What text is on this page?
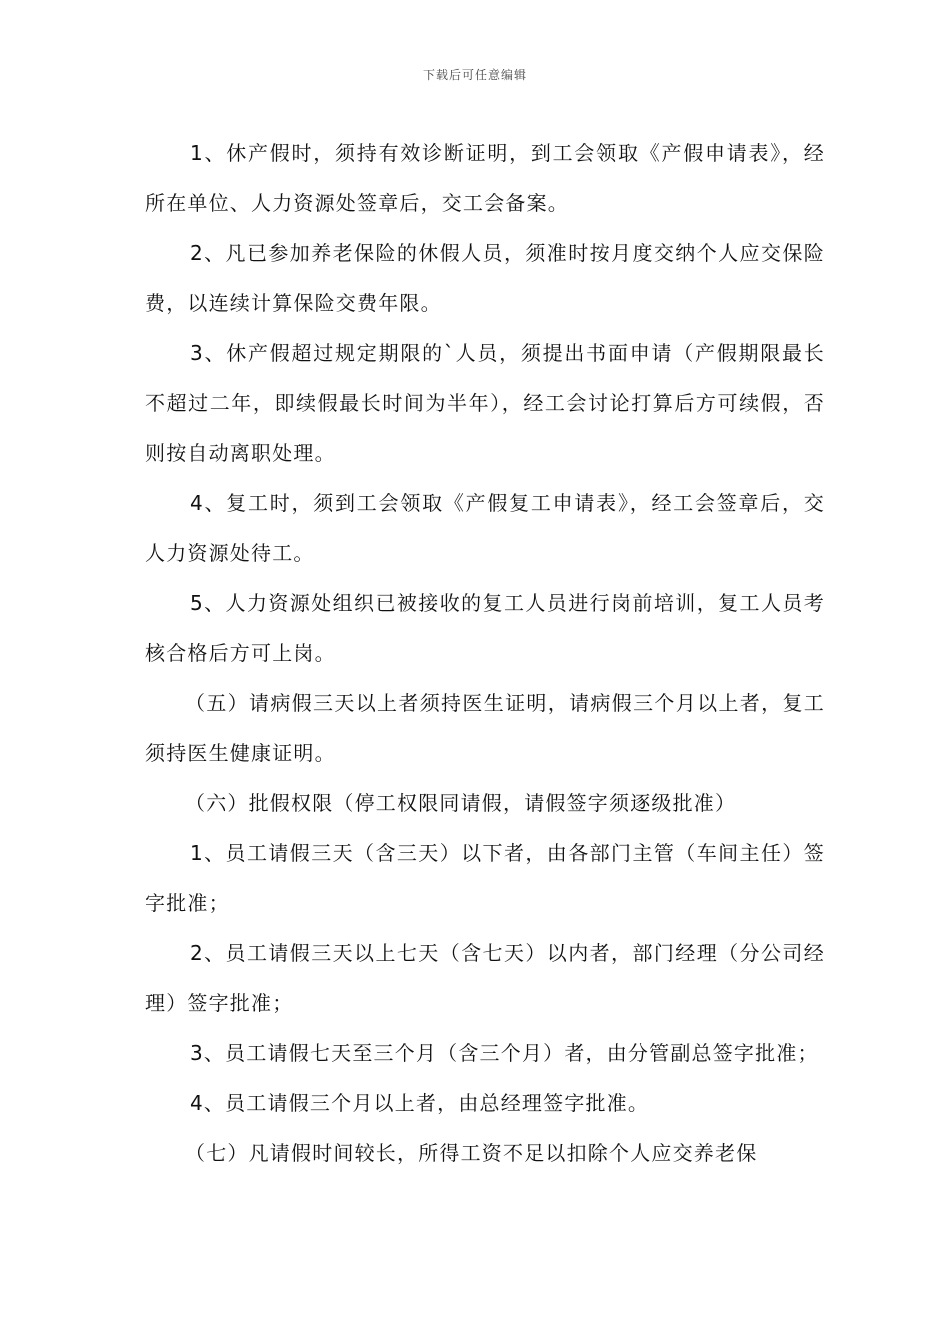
下载后可任意编辑

1、休产假时，须持有效诊断证明，到工会领取《产假申请表》，经所在单位、人力资源处签章后，交工会备案。

2、凡已参加养老保险的休假人员，须准时按月度交纳个人应交保险费，以连续计算保险交费年限。

3、休产假超过规定期限的`人员，须提出书面申请（产假期限最长不超过二年，即续假最长时间为半年），经工会讨论打算后方可续假，否则按自动离职处理。

4、复工时，须到工会领取《产假复工申请表》，经工会签章后，交人力资源处待工。

5、人力资源处组织已被接收的复工人员进行岗前培训，复工人员考核合格后方可上岗。

（五）请病假三天以上者须持医生证明，请病假三个月以上者，复工须持医生健康证明。

（六）批假权限（停工权限同请假，请假签字须逐级批准）

1、员工请假三天（含三天）以下者，由各部门主管（车间主任）签字批准；

2、员工请假三天以上七天（含七天）以内者，部门经理（分公司经理）签字批准；

3、员工请假七天至三个月（含三个月）者，由分管副总签字批准；

4、员工请假三个月以上者，由总经理签字批准。

（七）凡请假时间较长，所得工资不足以扣除个人应交养老保
